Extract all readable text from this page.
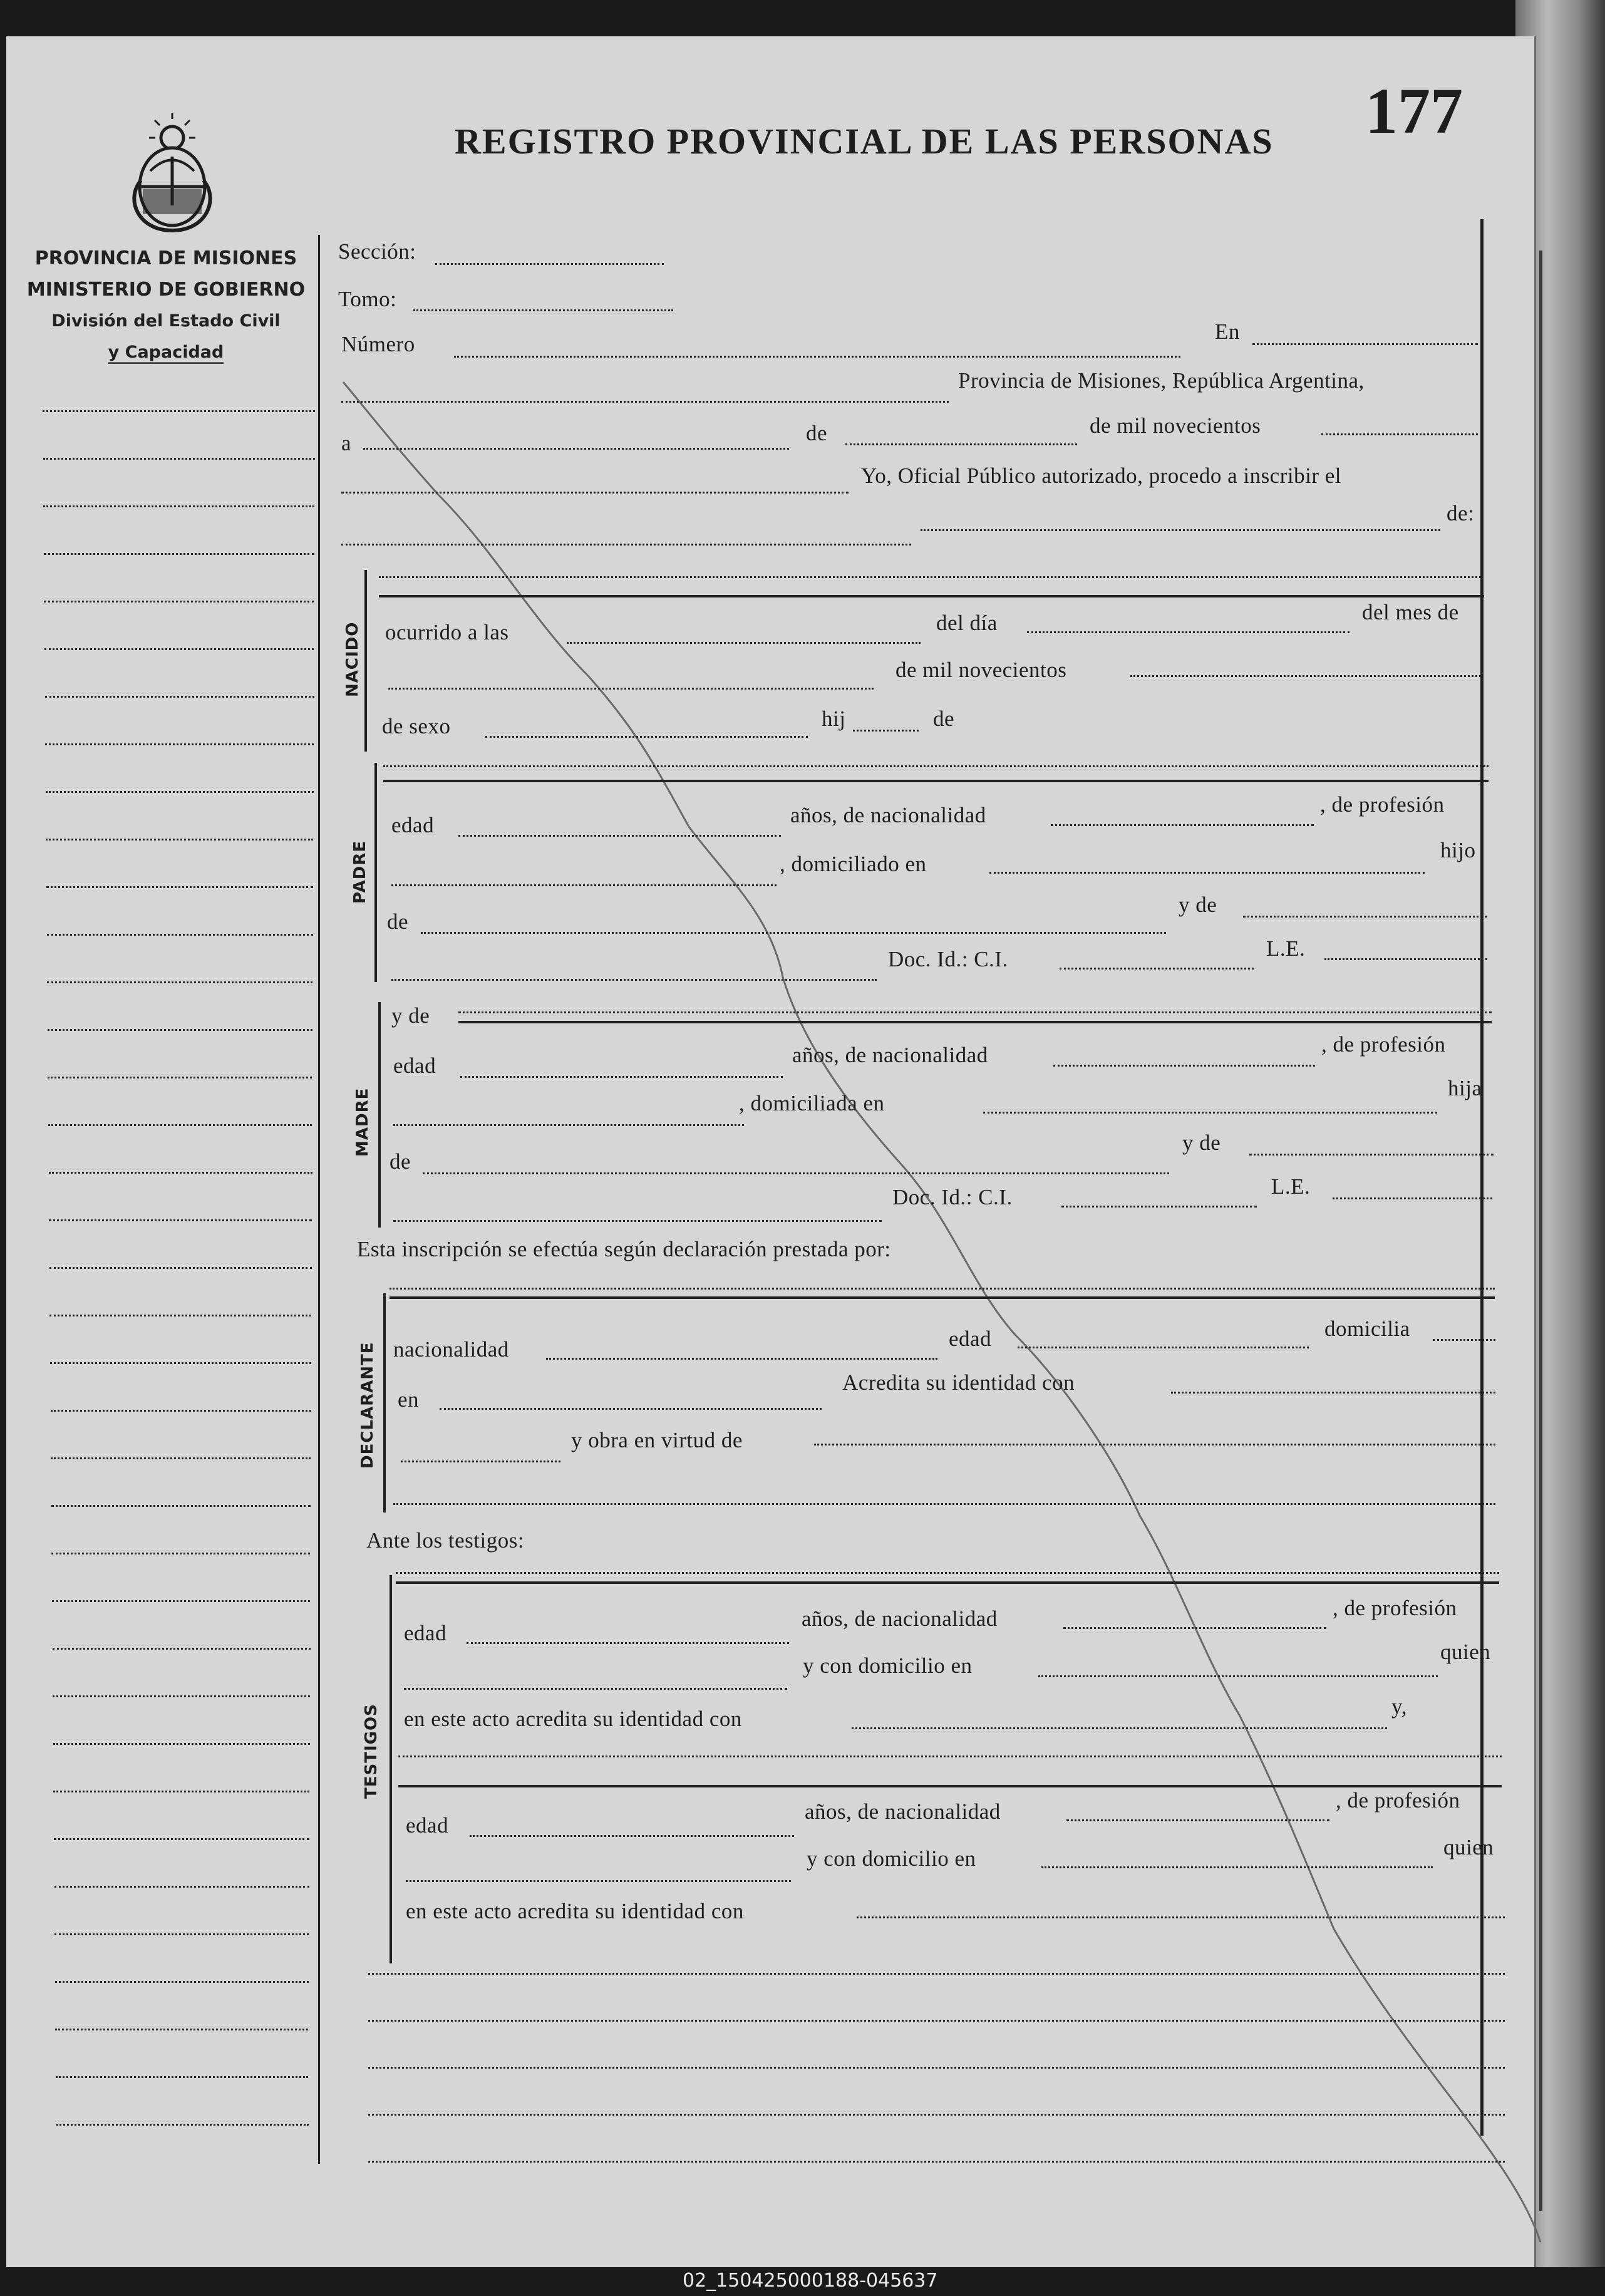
REGISTRO PROVINCIAL DE LAS PERSONAS 177
PROVINCIA DE MISIONES
MINISTERIO DE GOBIERNO
División del Estado Civil
y Capacidad
NACIDO
PADRE
MADRE
DECLARANTE
TESTIGOS
Sección:
Tomo:
Número
En
Provincia de Misiones, República Argentina,
a	de	de mil novecientos
Yo, Oficial Público autorizado, procedo a inscribir el
de:
ocurrido a las	del día	del mes de
de mil novecientos
de sexo	hij	de
edad	años, de nacionalidad	, de profesión
, domiciliado en
hijo
de
y de
Doc. Id.: C.I.	L.E.
y de
edad	años, de nacionalidad	, de profesión
, domiciliada en
hija
de
y de
Doc. Id.: C.I.	L.E.
Esta inscripción se efectúa según declaración prestada por:
nacionalidad	edad	domicilia
en
Acredita su identidad con
y obra en virtud de
Ante los testigos:
edad
años, de nacionalidad	, de profesión
y con domicilio en
quien
en este acto acredita su identidad con
y,
edad
años, de nacionalidad	, de profesión
y con domicilio en	quien
en este acto acredita su identidad con
02_150425000188-045637
